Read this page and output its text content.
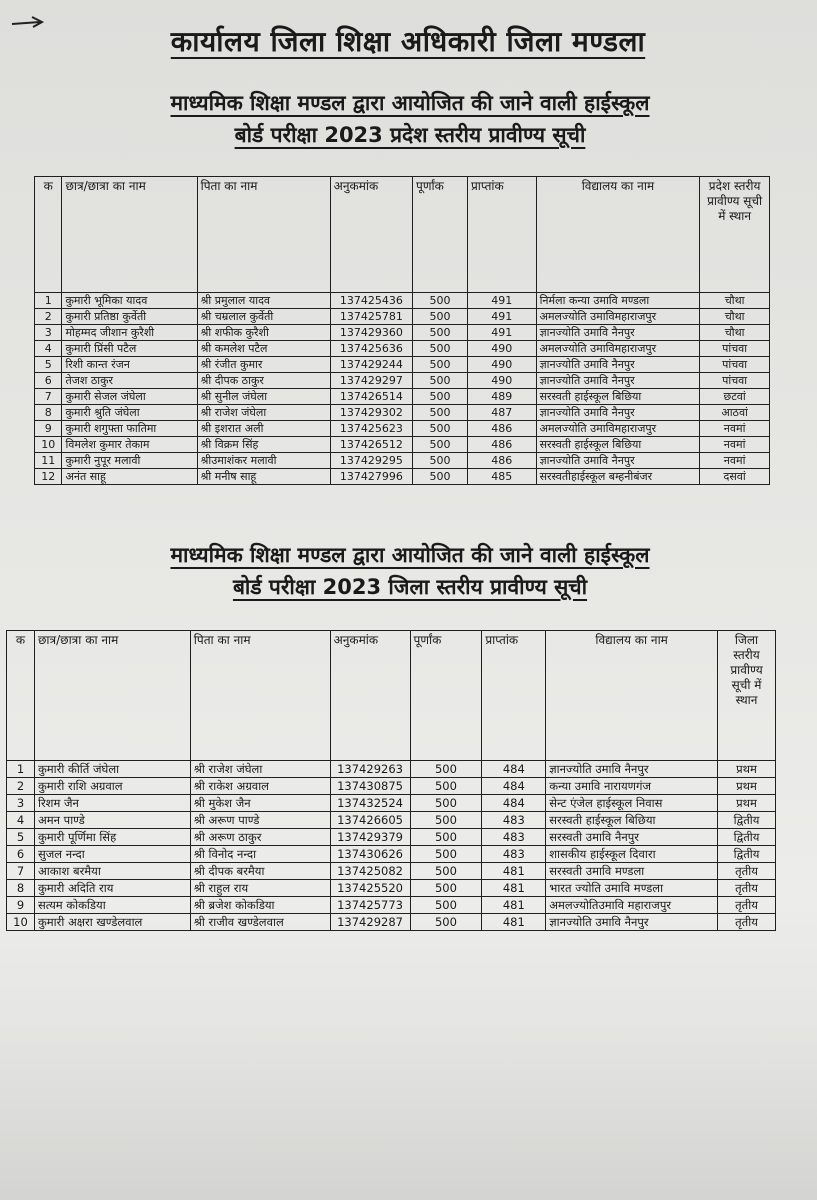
कार्यालय जिला शिक्षा अधिकारी जिला मण्डला
माध्यमिक शिक्षा मण्डल द्वारा आयोजित की जाने वाली हाईस्कूल
बोर्ड परीक्षा 2023 प्रदेश स्तरीय प्रावीण्य सूची
क	छात्र/छात्रा का नाम	पिता का नाम	अनुकमांक	पूर्णांक	प्राप्तांक	विद्यालय का नाम	प्रदेश स्तरीय प्रावीण्य सूची में स्थान
1	कुमारी भूमिका यादव	श्री प्रमुलाल यादव	137425436	500	491	निर्मला कन्या उमावि मण्डला	चौथा
2	कुमारी प्रतिष्ठा कुर्वेती	श्री चम्रलाल कुर्वेती	137425781	500	491	अमलज्योति उमाविमहाराजपुर	चौथा
3	मोहम्मद जीशान कुरैशी	श्री शफीक कुरैशी	137429360	500	491	ज्ञानज्योति उमावि नैनपुर	चौथा
4	कुमारी प्रिंसी पटैल	श्री कमलेश पटैल	137425636	500	490	अमलज्योति उमाविमहाराजपुर	पांचवा
5	रिशी कान्त रंजन	श्री रंजीत कुमार	137429244	500	490	ज्ञानज्योति उमावि नैनपुर	पांचवा
6	तेजश ठाकुर	श्री दीपक ठाकुर	137429297	500	490	ज्ञानज्योति उमावि नैनपुर	पांचवा
7	कुमारी सेजल जंघेला	श्री सुनील जंघेला	137426514	500	489	सरस्वती हाईस्कूल बिछिया	छटवां
8	कुमारी श्रुति जंघेला	श्री राजेश जंघेला	137429302	500	487	ज्ञानज्योति उमावि नैनपुर	आठवां
9	कुमारी शगुफ्ता फातिमा	श्री इशरात अली	137425623	500	486	अमलज्योति उमाविमहाराजपुर	नवमां
10	विमलेश कुमार तेकाम	श्री विक्रम सिंह	137426512	500	486	सरस्वती हाईस्कूल बिछिया	नवमां
11	कुमारी नुपूर मलावी	श्रीउमाशंकर मलावी	137429295	500	486	ज्ञानज्योति उमावि नैनपुर	नवमां
12	अनंत साहू	श्री मनीष साहू	137427996	500	485	सरस्वतीहाईस्कूल बम्हनीबंजर	दसवां
माध्यमिक शिक्षा मण्डल द्वारा आयोजित की जाने वाली हाईस्कूल
बोर्ड परीक्षा 2023 जिला स्तरीय प्रावीण्य सूची
क	छात्र/छात्रा का नाम	पिता का नाम	अनुकमांक	पूर्णांक	प्राप्तांक	विद्यालय का नाम	जिला स्तरीय प्रावीण्य सूची में स्थान
1	कुमारी कीर्ति जंघेला	श्री राजेश जंघेला	137429263	500	484	ज्ञानज्योति उमावि नैनपुर	प्रथम
2	कुमारी राशि अग्रवाल	श्री राकेश अग्रवाल	137430875	500	484	कन्या उमावि नारायणगंज	प्रथम
3	रिशम जैन	श्री मुकेश जैन	137432524	500	484	सेन्ट एंजेल हाईस्कूल निवास	प्रथम
4	अमन पाण्डे	श्री अरूण पाण्डे	137426605	500	483	सरस्वती हाईस्कूल बिछिया	द्वितीय
5	कुमारी पूर्णिमा सिंह	श्री अरूण ठाकुर	137429379	500	483	सरस्वती उमावि नैनपुर	द्वितीय
6	सुजल नन्दा	श्री विनोद नन्दा	137430626	500	483	शासकीय हाईस्कूल दिवारा	द्वितीय
7	आकाश बरमैया	श्री दीपक बरमैया	137425082	500	481	सरस्वती उमावि मण्डला	तृतीय
8	कुमारी अदिति राय	श्री राहुल राय	137425520	500	481	भारत ज्योति उमावि मण्डला	तृतीय
9	सत्यम कोकडिया	श्री ब्रजेश कोकडिया	137425773	500	481	अमलज्योतिउमावि महाराजपुर	तृतीय
10	कुमारी अक्षरा खण्डेलवाल	श्री राजीव खण्डेलवाल	137429287	500	481	ज्ञानज्योति उमावि नैनपुर	तृतीय
